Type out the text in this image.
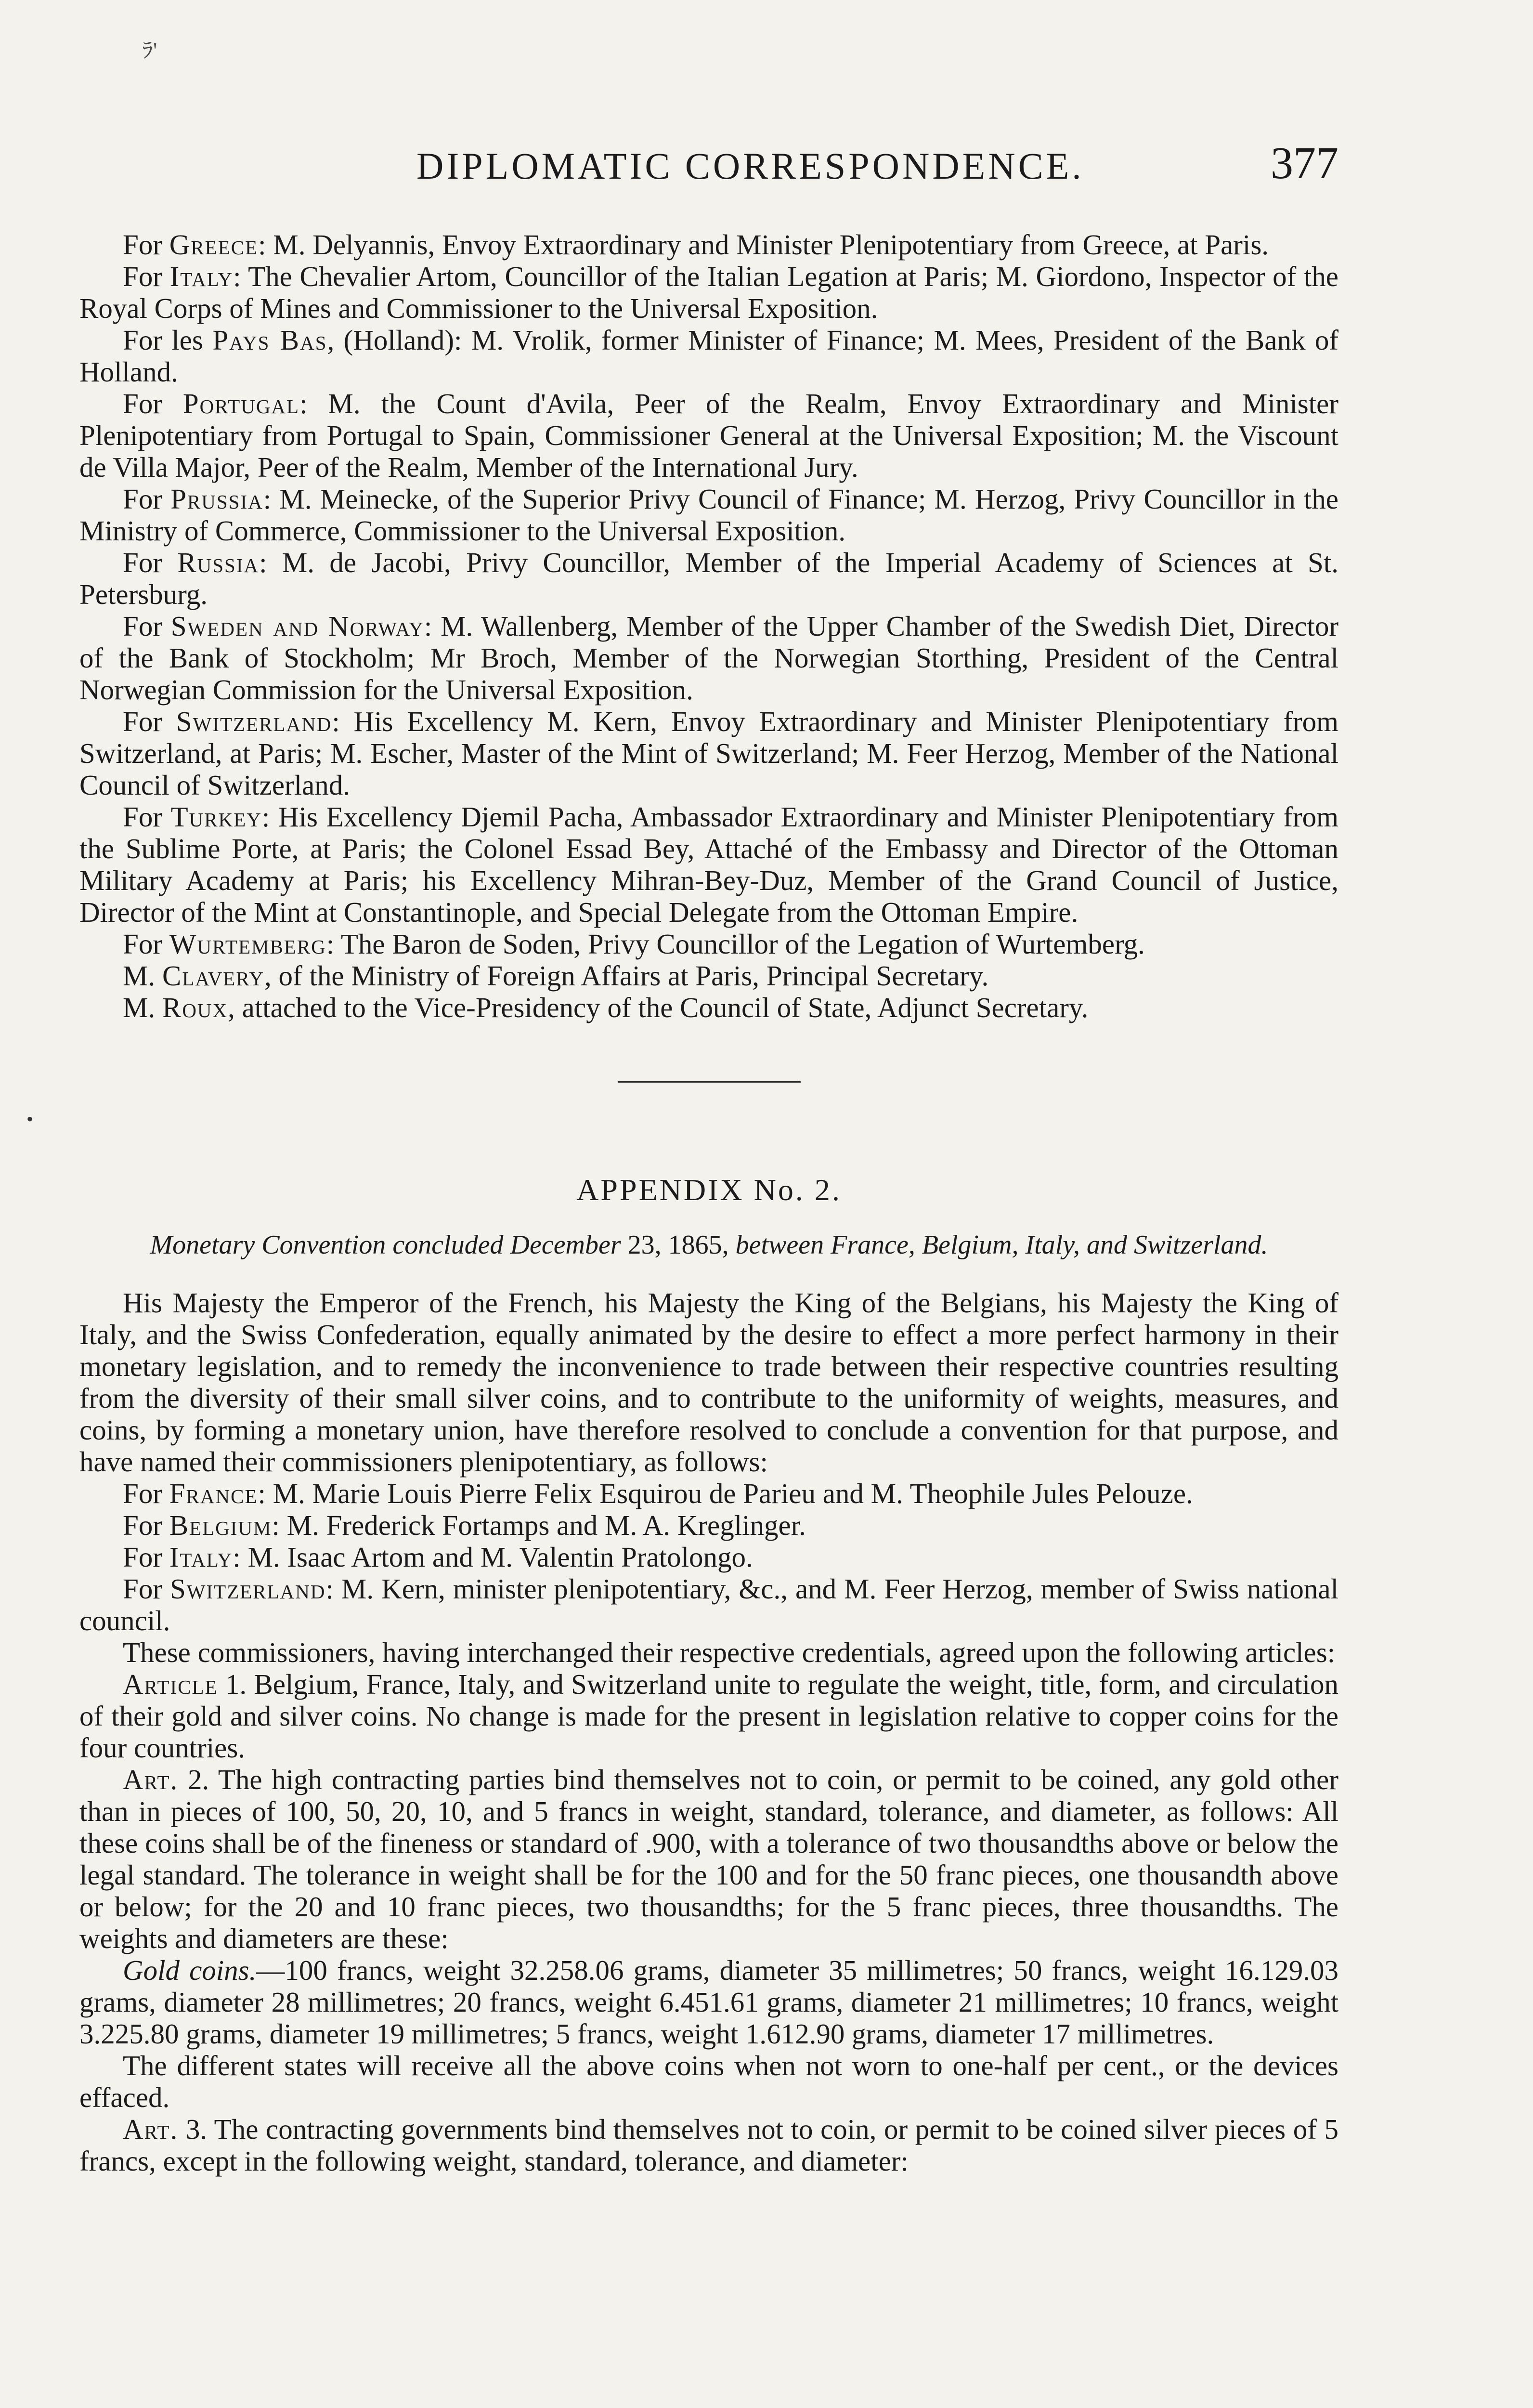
ﾗ'
DIPLOMATIC CORRESPONDENCE.	377

For Greece: M. Delyannis, Envoy Extraordinary and Minister Plenipotentiary from Greece, at Paris.

For Italy: The Chevalier Artom, Councillor of the Italian Legation at Paris; M. Giordono, Inspector of the Royal Corps of Mines and Commissioner to the Universal Exposition.

For les Pays Bas, (Holland): M. Vrolik, former Minister of Finance; M. Mees, President of the Bank of Holland.

For Portugal: M. the Count d'Avila, Peer of the Realm, Envoy Extraordinary and Minister Plenipotentiary from Portugal to Spain, Commissioner General at the Universal Exposition; M. the Viscount de Villa Major, Peer of the Realm, Member of the International Jury.

For Prussia: M. Meinecke, of the Superior Privy Council of Finance; M. Herzog, Privy Councillor in the Ministry of Commerce, Commissioner to the Universal Exposition.

For Russia: M. de Jacobi, Privy Councillor, Member of the Imperial Academy of Sciences at St. Petersburg.

For Sweden and Norway: M. Wallenberg, Member of the Upper Chamber of the Swedish Diet, Director of the Bank of Stockholm; Mr Broch, Member of the Norwegian Storthing, President of the Central Norwegian Commission for the Universal Exposition.

For Switzerland: His Excellency M. Kern, Envoy Extraordinary and Minister Plenipotentiary from Switzerland, at Paris; M. Escher, Master of the Mint of Switzerland; M. Feer Herzog, Member of the National Council of Switzerland.

For Turkey: His Excellency Djemil Pacha, Ambassador Extraordinary and Minister Plenipotentiary from the Sublime Porte, at Paris; the Colonel Essad Bey, Attaché of the Embassy and Director of the Ottoman Military Academy at Paris; his Excellency Mihran-Bey-Duz, Member of the Grand Council of Justice, Director of the Mint at Constantinople, and Special Delegate from the Ottoman Empire.

For Wurtemberg: The Baron de Soden, Privy Councillor of the Legation of Wurtemberg.

M. Clavery, of the Ministry of Foreign Affairs at Paris, Principal Secretary.

M. Roux, attached to the Vice-Presidency of the Council of State, Adjunct Secretary.

APPENDIX No. 2.
Monetary Convention concluded December 23, 1865, between France, Belgium, Italy, and Switzerland.

His Majesty the Emperor of the French, his Majesty the King of the Belgians, his Majesty the King of Italy, and the Swiss Confederation, equally animated by the desire to effect a more perfect harmony in their monetary legislation, and to remedy the inconvenience to trade between their respective countries resulting from the diversity of their small silver coins, and to contribute to the uniformity of weights, measures, and coins, by forming a monetary union, have therefore resolved to conclude a convention for that purpose, and have named their commissioners plenipotentiary, as follows:

For France: M. Marie Louis Pierre Felix Esquirou de Parieu and M. Theophile Jules Pelouze.

For Belgium: M. Frederick Fortamps and M. A. Kreglinger.

For Italy: M. Isaac Artom and M. Valentin Pratolongo.

For Switzerland: M. Kern, minister plenipotentiary, &c., and M. Feer Herzog, member of Swiss national council.

These commissioners, having interchanged their respective credentials, agreed upon the following articles:

Article 1. Belgium, France, Italy, and Switzerland unite to regulate the weight, title, form, and circulation of their gold and silver coins. No change is made for the present in legislation relative to copper coins for the four countries.

Art. 2. The high contracting parties bind themselves not to coin, or permit to be coined, any gold other than in pieces of 100, 50, 20, 10, and 5 francs in weight, standard, tolerance, and diameter, as follows: All these coins shall be of the fineness or standard of .900, with a tolerance of two thousandths above or below the legal standard. The tolerance in weight shall be for the 100 and for the 50 franc pieces, one thousandth above or below; for the 20 and 10 franc pieces, two thousandths; for the 5 franc pieces, three thousandths. The weights and diameters are these:

Gold coins.—100 francs, weight 32.258.06 grams, diameter 35 millimetres; 50 francs, weight 16.129.03 grams, diameter 28 millimetres; 20 francs, weight 6.451.61 grams, diameter 21 millimetres; 10 francs, weight 3.225.80 grams, diameter 19 millimetres; 5 francs, weight 1.612.90 grams, diameter 17 millimetres.

The different states will receive all the above coins when not worn to one-half per cent., or the devices effaced.

Art. 3. The contracting governments bind themselves not to coin, or permit to be coined silver pieces of 5 francs, except in the following weight, standard, tolerance, and diameter:

•
